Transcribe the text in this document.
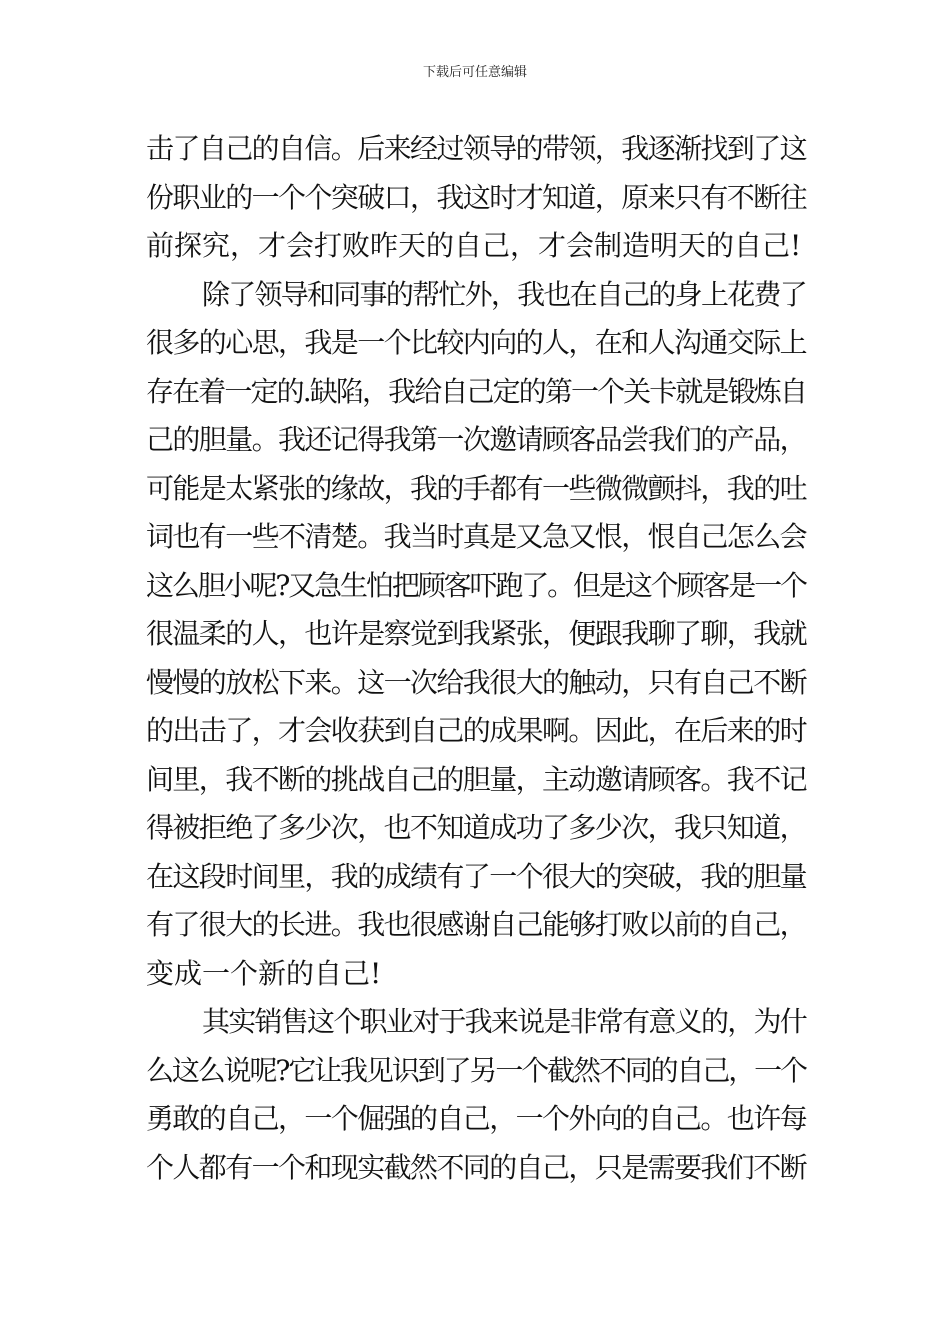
下载后可任意编辑
击了自己的自信。后来经过领导的带领，我逐渐找到了这
份职业的一个个突破口，我这时才知道，原来只有不断往
前探究，才会打败昨天的自己，才会制造明天的自己!
除了领导和同事的帮忙外，我也在自己的身上花费了
很多的心思，我是一个比较内向的人，在和人沟通交际上
存在着一定的.缺陷，我给自己定的第一个关卡就是锻炼自
己的胆量。我还记得我第一次邀请顾客品尝我们的产品，
可能是太紧张的缘故，我的手都有一些微微颤抖，我的吐
词也有一些不清楚。我当时真是又急又恨，恨自己怎么会
这么胆小呢?又急生怕把顾客吓跑了。但是这个顾客是一个
很温柔的人，也许是察觉到我紧张，便跟我聊了聊，我就
慢慢的放松下来。这一次给我很大的触动，只有自己不断
的出击了，才会收获到自己的成果啊。因此，在后来的时
间里，我不断的挑战自己的胆量，主动邀请顾客。我不记
得被拒绝了多少次，也不知道成功了多少次，我只知道，
在这段时间里，我的成绩有了一个很大的突破，我的胆量
有了很大的长进。我也很感谢自己能够打败以前的自己，
变成一个新的自己!
其实销售这个职业对于我来说是非常有意义的，为什
么这么说呢?它让我见识到了另一个截然不同的自己，一个
勇敢的自己，一个倔强的自己，一个外向的自己。也许每
个人都有一个和现实截然不同的自己，只是需要我们不断
